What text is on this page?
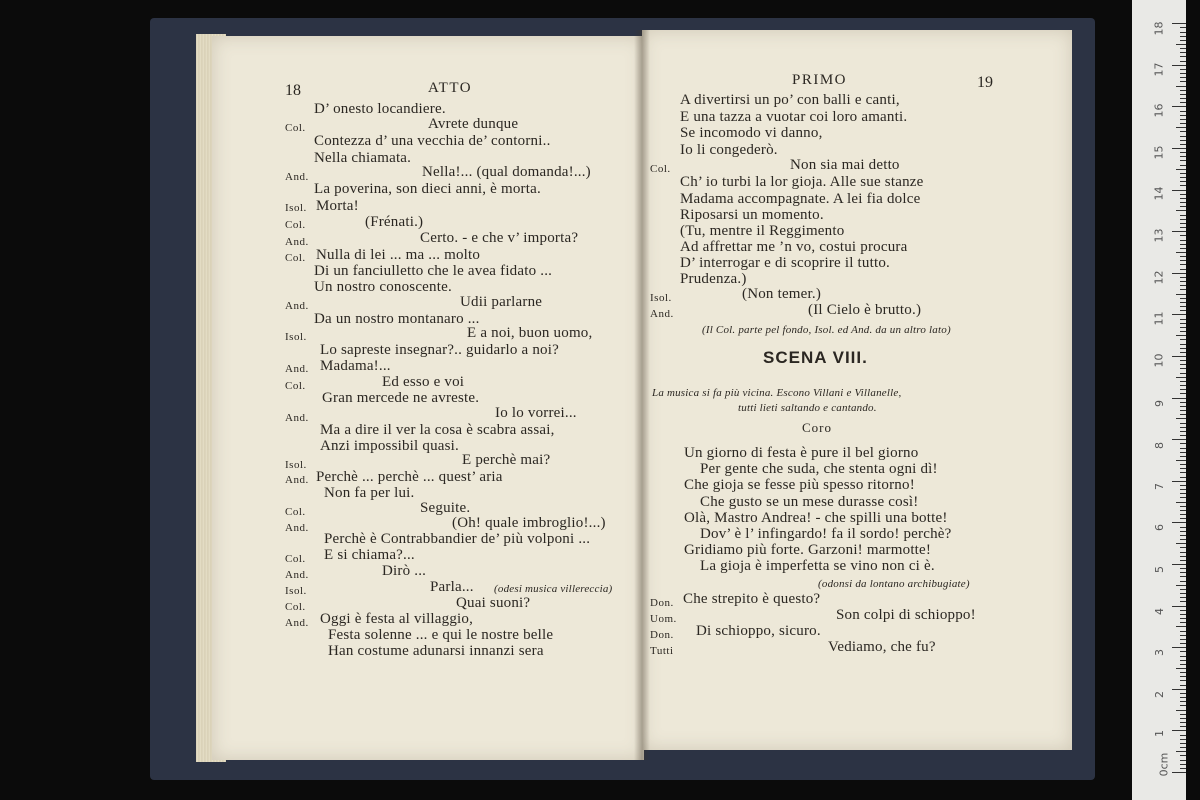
18	ATTO
D’ onesto locandiere.
Col.	Avrete dunque
Contezza d’ una vecchia de’ contorni..
Nella chiamata.
And.	Nella!... (qual domanda!...)
La poverina, son dieci anni, è morta.
Isol. Morta!
Col.	(Frénati.)
And.	Certo. - e che v’ importa?
Col. Nulla di lei ... ma ... molto
Di un fanciulletto che le avea fidato ...
Un nostro conoscente.
And.	Udii parlarne
Da un nostro montanaro ...
Isol.	E a noi, buon uomo,
Lo sapreste insegnar?.. guidarlo a noi?
And. Madama!...
Col.	Ed esso e voi
Gran mercede ne avreste.
And.	Io lo vorrei...
Ma a dire il ver la cosa è scabra assai,
Anzi impossibil quasi.
Isol.	E perchè mai?
And. Perchè ... perchè ... quest’ aria
Non fa per lui.
Col.	Seguite.
And.	(Oh! quale imbroglio!...)
Perchè è Contrabbandier de’ più volponi ...
Col. E si chiama?...
And.	Dirò ...
Isol.	Parla... (odesi musica villereccia)
Col.	Quai suoni?
And. Oggi è festa al villaggio,
Festa solenne ... e qui le nostre belle
Han costume adunarsi innanzi sera
PRIMO	19
A divertirsi un po’ con balli e canti,
E una tazza a vuotar coi loro amanti.
Se incomodo vi danno,
Io li congederò.
Col.	Non sia mai detto
Ch’ io turbi la lor gioja. Alle sue stanze
Madama accompagnate. A lei fia dolce
Riposarsi un momento.
(Tu, mentre il Reggimento
Ad affrettar me ’n vo, costui procura
D’ interrogar e di scoprire il tutto.
Prudenza.)
Isol.	(Non temer.)
And.	(Il Cielo è brutto.)
(Il Col. parte pel fondo, Isol. ed And. da un altro lato)
SCENA VIII.
La musica si fa più vicina. Escono Villani e Villanelle,
tutti lieti saltando e cantando.
Coro
Un giorno di festa è pure il bel giorno
Per gente che suda, che stenta ogni dì!
Che gioja se fesse più spesso ritorno!
Che gusto se un mese durasse così!
Olà, Mastro Andrea! - che spilli una botte!
Dov’ è l’ infingardo! fa il sordo! perchè?
Gridiamo più forte. Garzoni! marmotte!
La gioja è imperfetta se vino non ci è.
(odonsi da lontano archibugiate)
Don. Che strepito è questo?
Uom.	Son colpi di schioppo!
Don. Di schioppo, sicuro.
Tutti	Vediamo, che fu?
0cm
1
2
3
4
5
6
7
8
9
10
11
12
13
14
15
16
17
18
